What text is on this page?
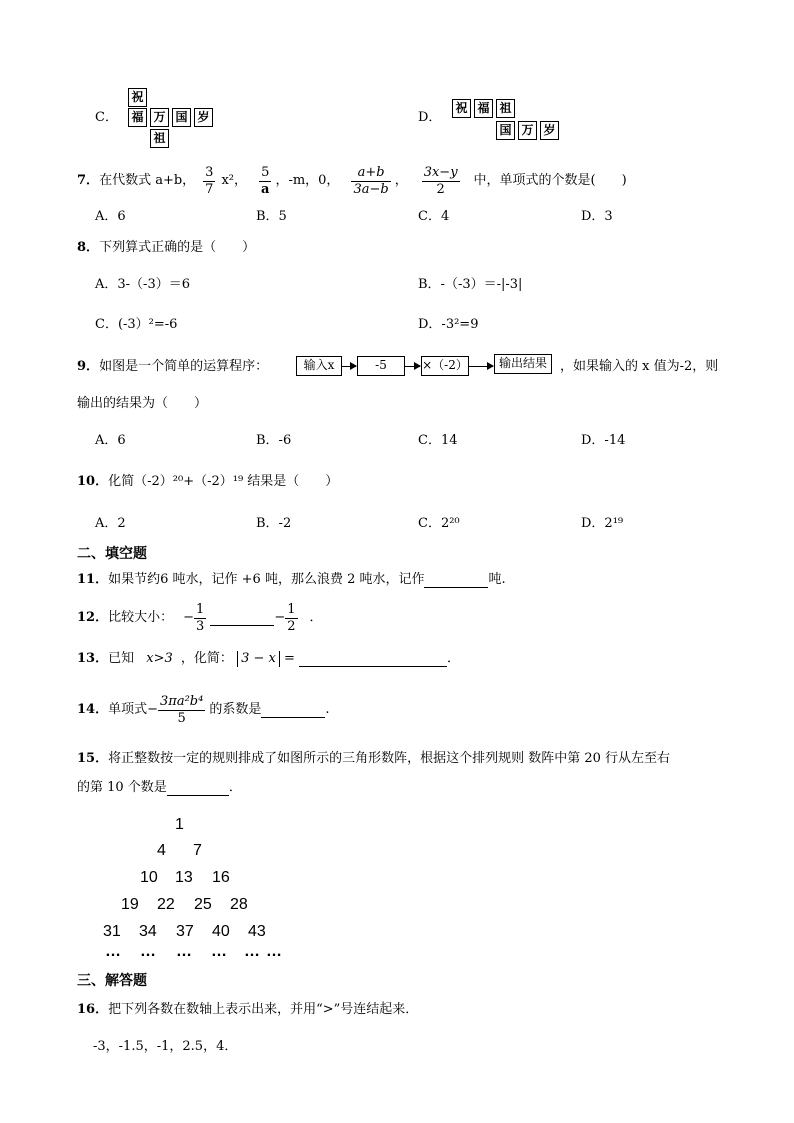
C．
祝
福 万 国 岁
祖
D．
祝 福 祖
国 万 岁
7 ． 在代数式 a+b， $\frac{3}{7} x^2$， $\frac{5}{a}$ ，-m，0， $\frac{a+b}{3a-b}$ ， $\frac{3x-y}{2}$ 中，单项式的个数是(　　)
A．6	B．5	C．4	D．3
8．下列算式正确的是（　　）
A．3-（-3）＝6	B．-（-3）＝-|-3|
C．(-3）²=-6	D．-3²=9
9．如图是一个简单的运算程序：	输入x	-5	×（-2）	输出结果	，如果输入的 x 值为-2，则
输出的结果为（　　）
A．6	B．-6	C．14	D．-14
10．化简（-2）²⁰+（-2）¹⁹ 结果是（　　）
A．2	B．-2	C．2²⁰	D．2¹⁹
二、填空题
11．如果节约6 吨水，记作 +6 吨，那么浪费 2 吨水，记作	吨.
12 ． 比较大小： − $\frac{1}{3}$	− $\frac{1}{2}$ ．
13．已知 x>3 ，化简： 3 − x =	．
14 ． 单项式 − $\frac{\text{3πa²b⁴}}{5}$ 的系数是	.
15．将正整数按一定的规则排成了如图所示的三角形数阵，根据这个排列规则 数阵中第 20 行从左至右
的第 10 个数是	．
1
4 7
10 13 16
19 22 25 28
31 34 37 40 43
… … … … … …
三、解答题
16．把下列各数在数轴上表示出来，并用“>”号连结起来．
-3，-1.5，-1，2.5，4．
